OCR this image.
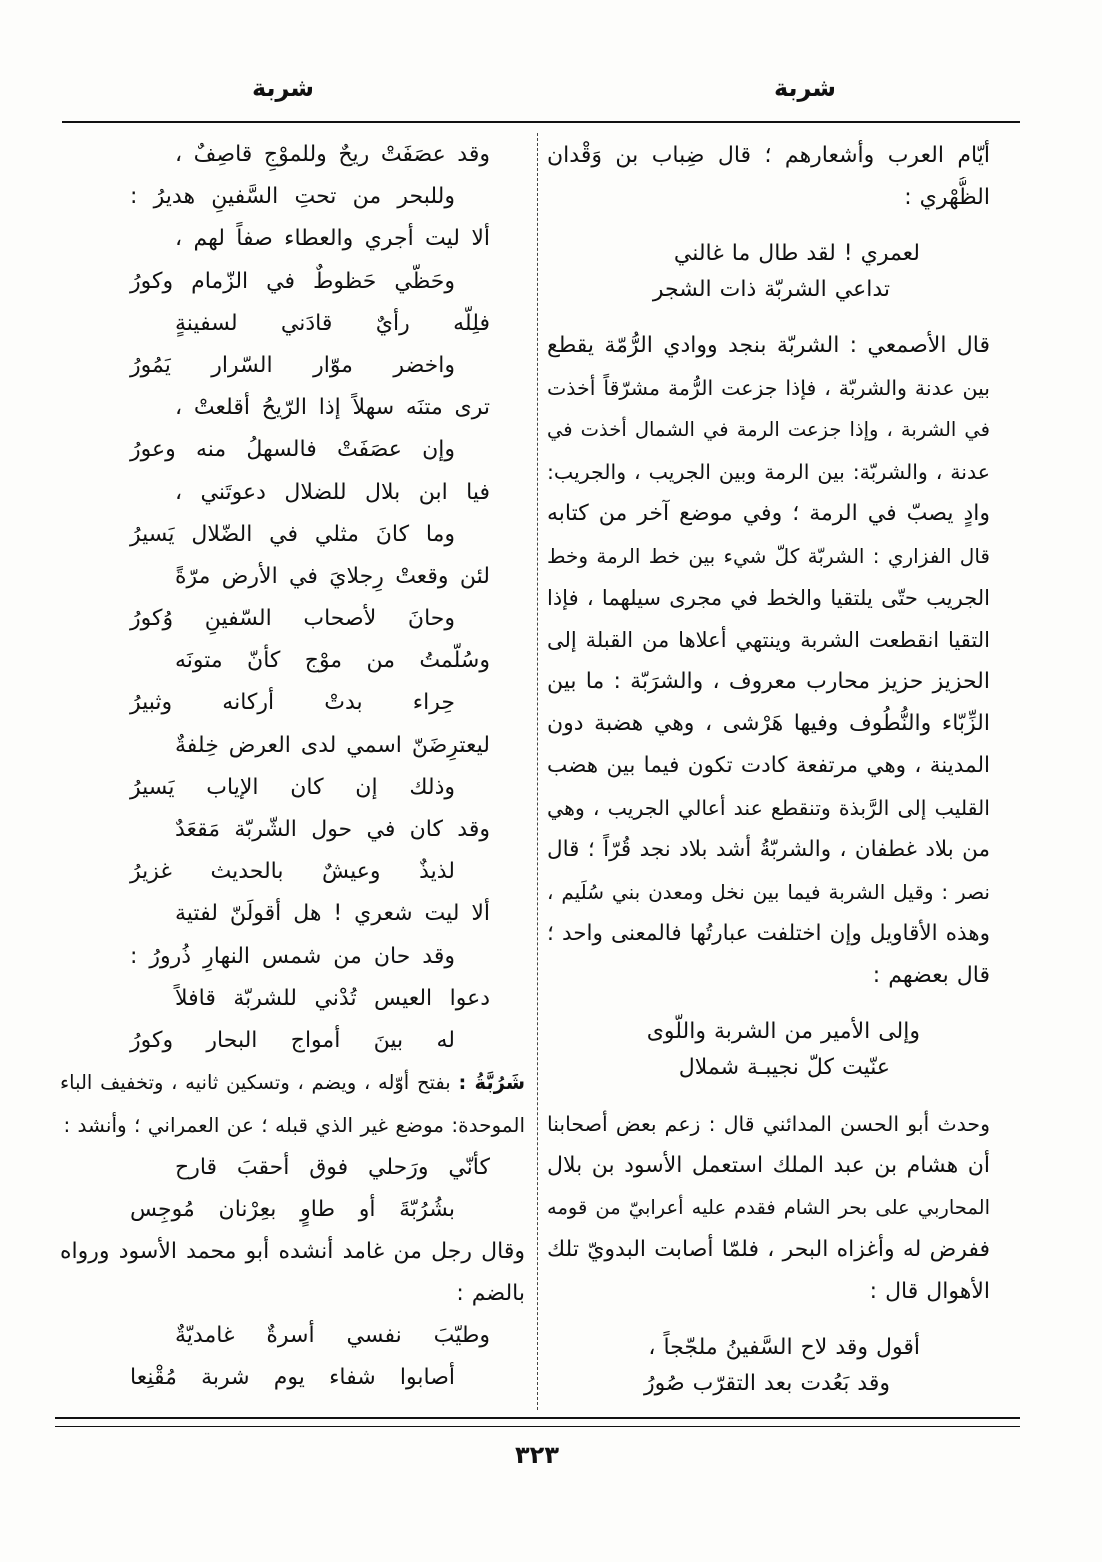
شربة
شربة
أيّام العرب وأشعارهم ؛ قال ضِباب بن وَقْدان
الظُّهْري :
لعمري ! لقد طال ما غالني
تداعي الشربّة ذات الشجر
قال الأصمعي : الشربّة بنجد ووادي الرُّمّة يقطع
بين عدنة والشربّة ، فإذا جزعت الرُّمة مشرّقاً أخذت
في الشربة ، وإذا جزعت الرمة في الشمال أخذت في
عدنة ، والشربّة: بين الرمة وبين الجريب ، والجريب:
وادٍ يصبّ في الرمة ؛ وفي موضع آخر من كتابه
قال الفزاري : الشربّة كلّ شيء بين خط الرمة وخط
الجريب حتّى يلتقيا والخط في مجرى سيلهما ، فإذا
التقيا انقطعت الشربة وينتهي أعلاها من القبلة إلى
الحزيز حزيز محارب معروف ، والشرَبّة : ما بين
الزِّبّاء والنُّطُوف وفيها هَرْشى ، وهي هضبة دون
المدينة ، وهي مرتفعة كادت تكون فيما بين هضب
القليب إلى الرَّبذة وتنقطع عند أعالي الجريب ، وهي
من بلاد غطفان ، والشربّةُ أشد بلاد نجد قُرّاً ؛ قال
نصر : وقيل الشربة فيما بين نخل ومعدن بني سُلَيم ،
وهذه الأقاويل وإن اختلفت عبارتُها فالمعنى واحد ؛
قال بعضهم :
وإلى الأمير من الشربة واللّوى
عنّيت كلّ نجيبـة شملال
وحدث أبو الحسن المدائني قال : زعم بعض أصحابنا
أن هشام بن عبد الملك استعمل الأسود بن بلال
المحاربي على بحر الشام فقدم عليه أعرابيّ من قومه
ففرض له وأغزاه البحر ، فلمّا أصابت البدويّ تلك
الأهوال قال :
أقول وقد لاح السَّفينُ ملجّجاً ،
وقد بَعُدت بعد التقرّب صُورُ
وقد عصَفَتْ ريحٌ وللموْجِ قاصِفٌ ،
وللبحر من تحتِ السَّفينِ هديرُ :
ألا ليت أجري والعطاء صفاً لهم ،
وحَظّي حَظوطٌ في الزّمام وكورُ
فلِلّه رأيٌ قادَني لسفينةٍ
واخضر موّار السّرار يَمُورُ
ترى متنَه سهلاً إذا الرّيحُ أقلعتْ ،
وإن عصَفَتْ فالسهلُ منه وعورُ
فيا ابن بلال للضلال دعوتَني ،
وما كانَ مثلي في الضّلال يَسيرُ
لئن وقعتْ رِجلايَ في الأرض مرّةً
وحانَ لأصحاب السّفينِ وُكورُ
وسُلّمتُ من موْج كأنّ متونَه
حِراء بدتْ أركانه وثبيرُ
ليعترِضَنّ اسمي لدى العرض خِلفةٌ
وذلك إن كان الإياب يَسيرُ
وقد كان في حول الشّربّة مَقعَدٌ
لذيذٌ وعيشٌ بالحديث غزيرُ
ألا ليت شعري ! هل أقولَنّ لفتية
وقد حان من شمس النهارِ ذُرورُ :
دعوا العيس تُدْني للشربّة قافلاً
له بينَ أمواج البحار وكورُ
شَرُبَّةُ : بفتح أوّله ، ويضم ، وتسكين ثانيه ، وتخفيف الباء
الموحدة: موضع غير الذي قبله ؛ عن العمراني ؛ وأنشد :
كأنّي ورَحلي فوق أحقبَ قارح
بشُرُبّةَ أو طاوٍ بعِرْنان مُوجِس
وقال رجل من غامد أنشده أبو محمد الأسود ورواه
بالضم :
وطيّبَ نفسي أسرةٌ غامديّةٌ
أصابوا شفاء يوم شربة مُقْنِعا
٣٢٣
